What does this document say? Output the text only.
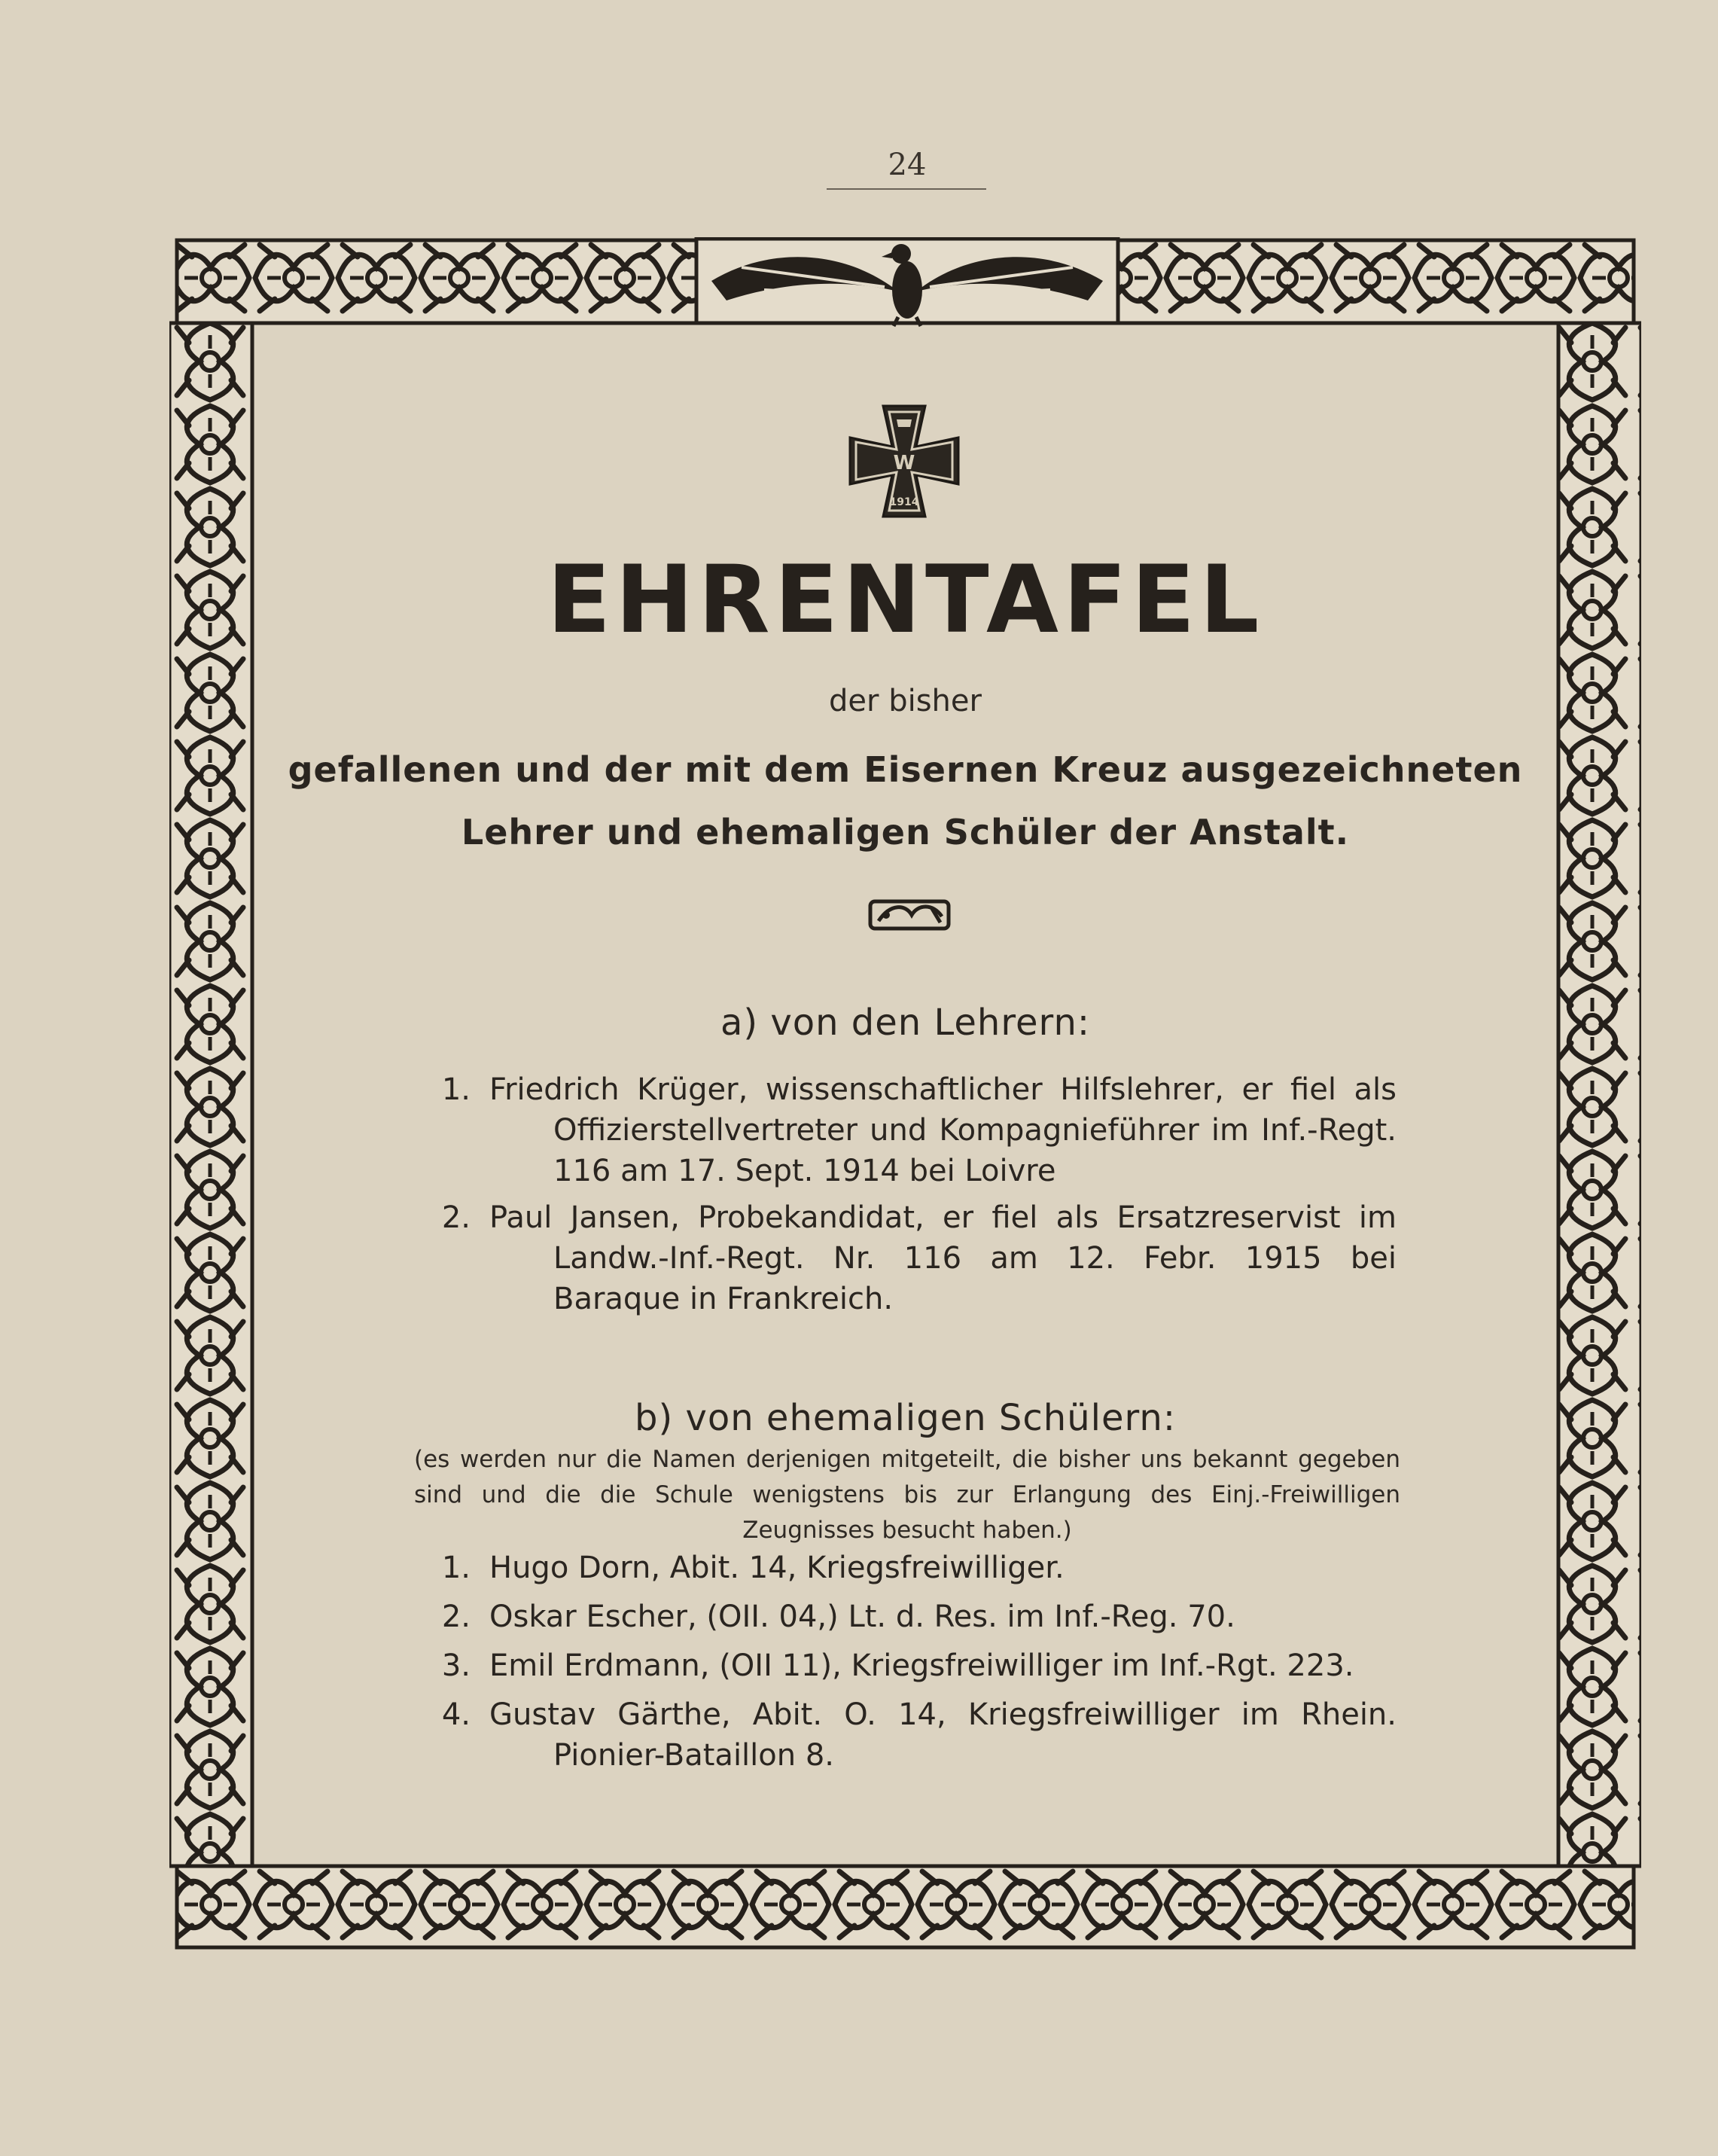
24
W
1914
EHRENTAFEL
der bisher
gefallenen und der mit dem Eisernen Kreuz ausgezeichneten
Lehrer und ehemaligen Schüler der Anstalt.
a) von den Lehrern:
1. Friedrich Krüger, wissenschaftlicher Hilfslehrer, er fiel als Offizierstellvertreter und Kompagnieführer im Inf.-Regt. 116 am 17. Sept. 1914 bei Loivre
2. Paul Jansen, Probekandidat, er fiel als Ersatzreservist im Landw.-Inf.-Regt. Nr. 116 am 12. Febr. 1915 bei Baraque in Frankreich.
b) von ehemaligen Schülern:
(es werden nur die Namen derjenigen mitgeteilt, die bisher uns bekannt gegeben sind und die die Schule wenigstens bis zur Erlangung des Einj.-Freiwilligen Zeugnisses besucht haben.)
1. Hugo Dorn, Abit. 14, Kriegsfreiwilliger.
2. Oskar Escher, (OII. 04,) Lt. d. Res. im Inf.-Reg. 70.
3. Emil Erdmann, (OII 11), Kriegsfreiwilliger im Inf.-Rgt. 223.
4. Gustav Gärthe, Abit. O. 14, Kriegsfreiwilliger im Rhein. Pionier-Bataillon 8.
